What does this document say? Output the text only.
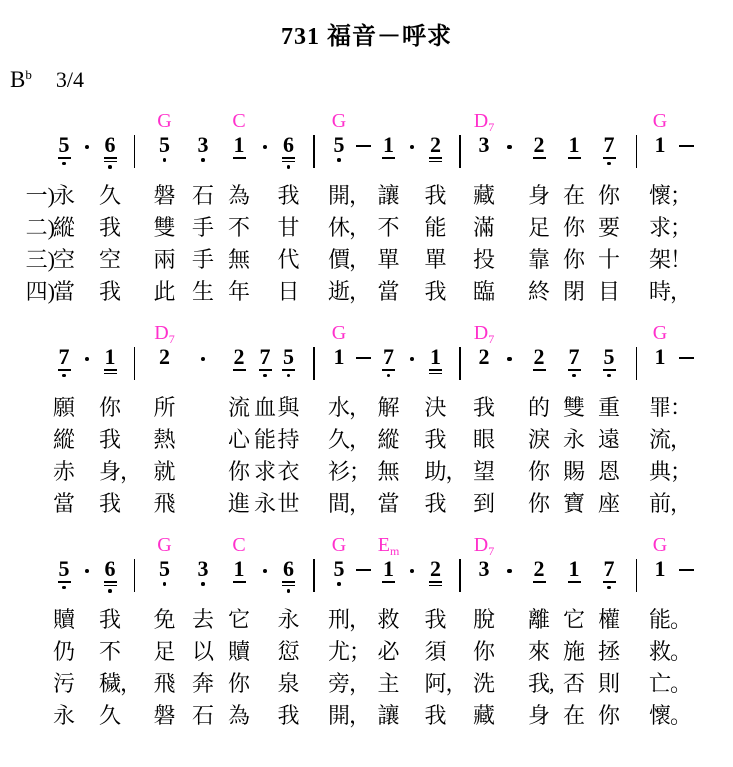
731 福音－呼求
$B^b$ 3/4
G	C	G	$D_7$	G
5 6 5 3 1 6 5 1 2 3 2 1 7 1
永
一) 久 磐 石 為 我 開 ， 讓 我 藏 身 在 你 懷 ；
縱
二) 我 雙 手 不 甘 休 ， 不 能 滿 足 你 要 求 ；
空
三) 空 兩 手 無 代 價 ， 單 單 投 靠 你 十 架 ！
當
四) 我 此 生 年 日 逝 ， 當 我 臨 終 閉 目 時 ，
$D_7$	G	$D_7$	G
7 1 2	2 7 5 1 7 1 2 2 7 5 1
願 你 所 流 血 與 水 ， 解 決 我 的 雙 重 罪 ：
縱 我 熱 心 能 持 久 ， 縱 我 眼 淚 永 遠 流 ，
赤 身 ， 就 你 求 衣 衫 ； 無 助 ， 望 你 賜 恩 典 ；
當 我 飛 進 永 世 間 ， 當 我 到 你 寶 座 前 ，
G	C	G $E_m$	$D_7$	G
5 6 5 3 1 6 5 1 2 3 2 1 7 1
贖 我 免 去 它 永 刑 ， 救 我 脫 離 它 權 能 。
仍 不 足 以 贖 愆 尤 ； 必 須 你 來 施 拯 救 。
污 穢 ， 飛 奔 你 泉 旁 ， 主 阿 ， 洗 我 , 否 則 亡 。
永 久 磐 石 為 我 開 ， 讓 我 藏 身 在 你 懷 。
